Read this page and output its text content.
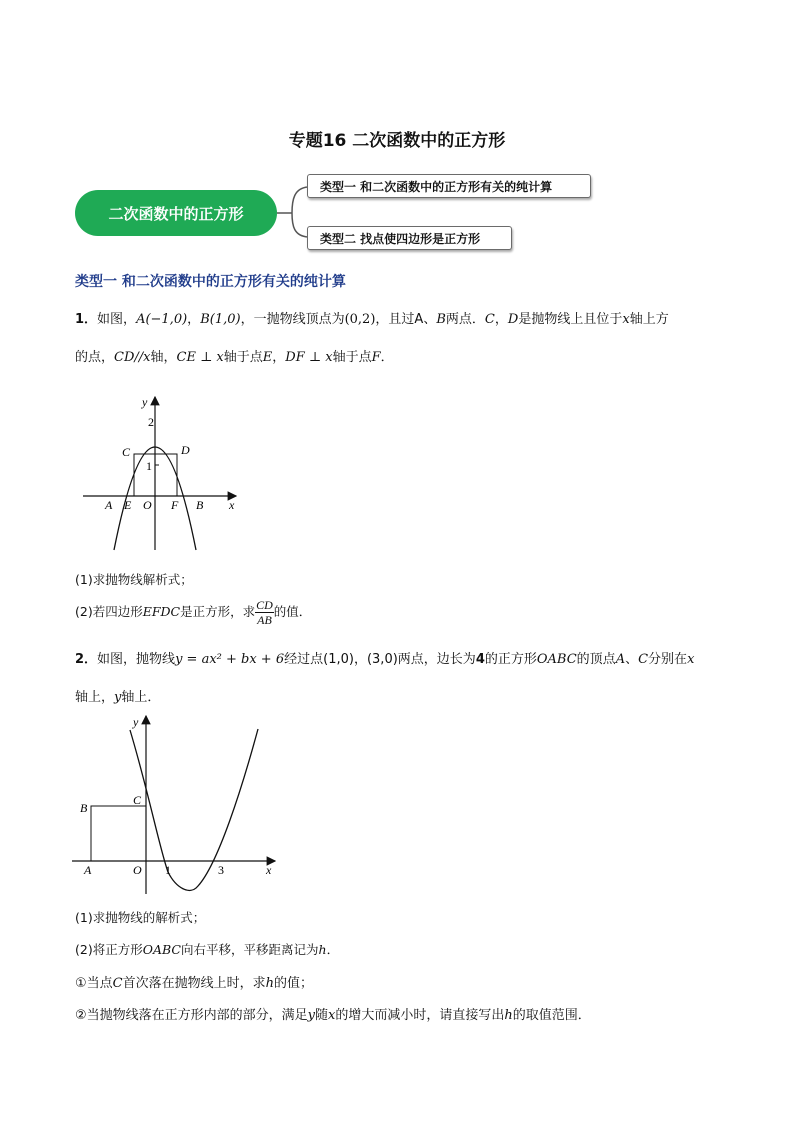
专题16 二次函数中的正方形
二次函数中的正方形
类型一 和二次函数中的正方形有关的纯计算
类型二 找点使四边形是正方形
类型一 和二次函数中的正方形有关的纯计算
1．如图，A(−1,0)，B(1,0)，一抛物线顶点为(0,2)，且过A、B两点．C，D是抛物线上且位于x轴上方
的点，CD//x轴，CE ⊥ x轴于点E，DF ⊥ x轴于点F．
y
2
1
C	D
A E O F B x
(1)求抛物线解析式；
(2)若四边形EFDC是正方形，求 $\frac{CD}{AB}$ 的值．
2．如图，抛物线y = ax² + bx + 6经过点(1,0)，(3,0)两点，边长为4的正方形OABC的顶点A、C分别在x
轴上，y轴上．
y
B
C
A	O 1	3	x
(1)求抛物线的解析式；
(2)将正方形OABC向右平移，平移距离记为h．
①当点C首次落在抛物线上时，求h的值；
②当抛物线落在正方形内部的部分，满足y随x的增大而减小时，请直接写出h的取值范围．
